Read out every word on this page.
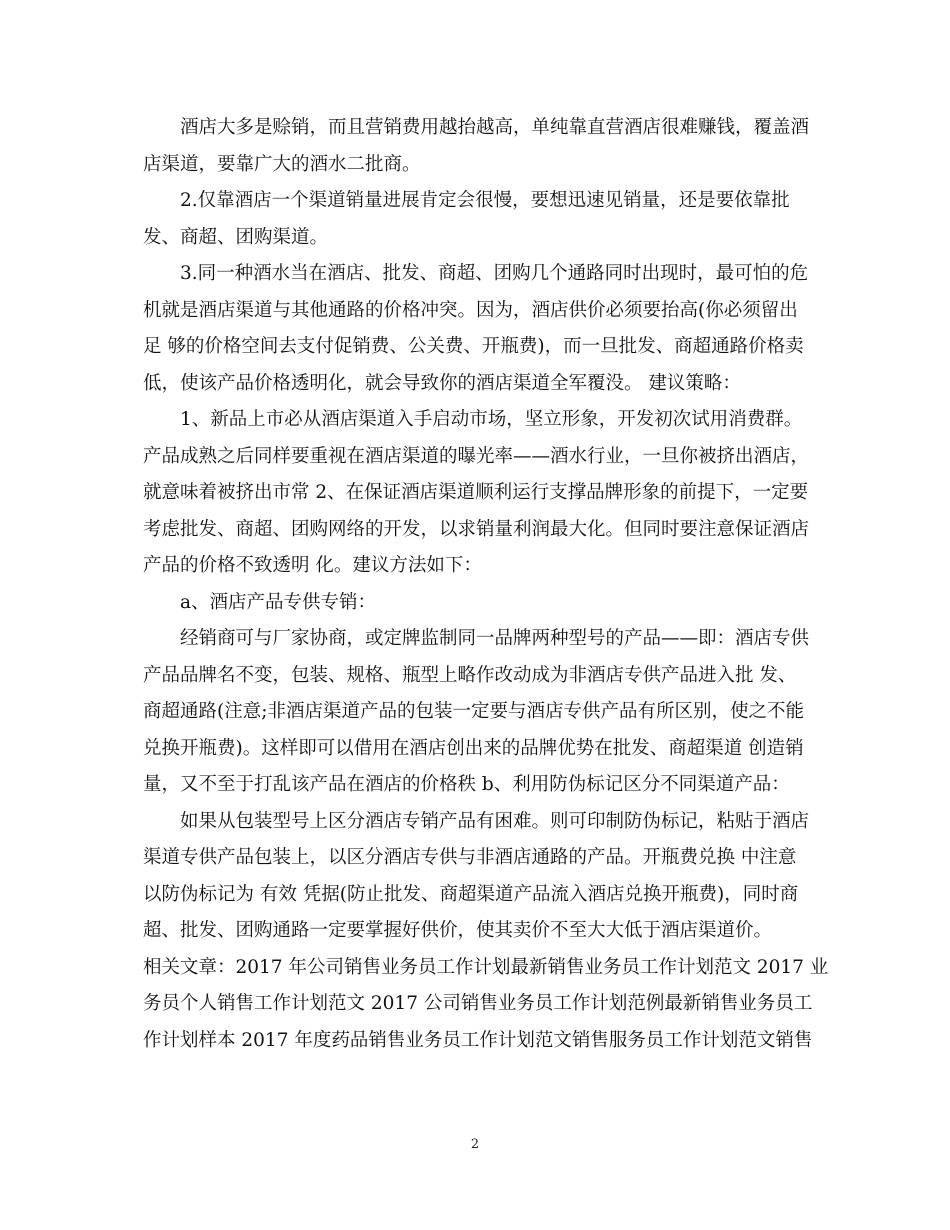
酒店大多是赊销，而且营销费用越抬越高，单纯靠直营酒店很难赚钱，覆盖酒
店渠道，要靠广大的酒水二批商。

2.仅靠酒店一个渠道销量进展肯定会很慢，要想迅速见销量，还是要依靠批
发、商超、团购渠道。

3.同一种酒水当在酒店、批发、商超、团购几个通路同时出现时，最可怕的危
机就是酒店渠道与其他通路的价格冲突。因为，酒店供价必须要抬高(你必须留出
足 够的价格空间去支付促销费、公关费、开瓶费)，而一旦批发、商超通路价格卖
低，使该产品价格透明化，就会导致你的酒店渠道全军覆没。 建议策略：

1、新品上市必从酒店渠道入手启动市场，坚立形象，开发初次试用消费群。
产品成熟之后同样要重视在酒店渠道的曝光率——酒水行业，一旦你被挤出酒店，
就意味着被挤出市常 2、在保证酒店渠道顺利运行支撑品牌形象的前提下，一定要
考虑批发、商超、团购网络的开发，以求销量利润最大化。但同时要注意保证酒店
产品的价格不致透明 化。建议方法如下：

a、酒店产品专供专销：

经销商可与厂家协商，或定牌监制同一品牌两种型号的产品——即：酒店专供
产品品牌名不变，包装、规格、瓶型上略作改动成为非酒店专供产品进入批 发、
商超通路(注意;非酒店渠道产品的包装一定要与酒店专供产品有所区别，使之不能
兑换开瓶费)。这样即可以借用在酒店创出来的品牌优势在批发、商超渠道 创造销
量，又不至于打乱该产品在酒店的价格秩 b、利用防伪标记区分不同渠道产品：

如果从包装型号上区分酒店专销产品有困难。则可印制防伪标记，粘贴于酒店
渠道专供产品包装上，以区分酒店专供与非酒店通路的产品。开瓶费兑换 中注意
以防伪标记为 有效 凭据(防止批发、商超渠道产品流入酒店兑换开瓶费)，同时商
超、批发、团购通路一定要掌握好供价，使其卖价不至大大低于酒店渠道价。

相关文章：2017 年公司销售业务员工作计划最新销售业务员工作计划范文 2017 业
务员个人销售工作计划范文 2017 公司销售业务员工作计划范例最新销售业务员工
作计划样本 2017 年度药品销售业务员工作计划范文销售服务员工作计划范文销售

2
